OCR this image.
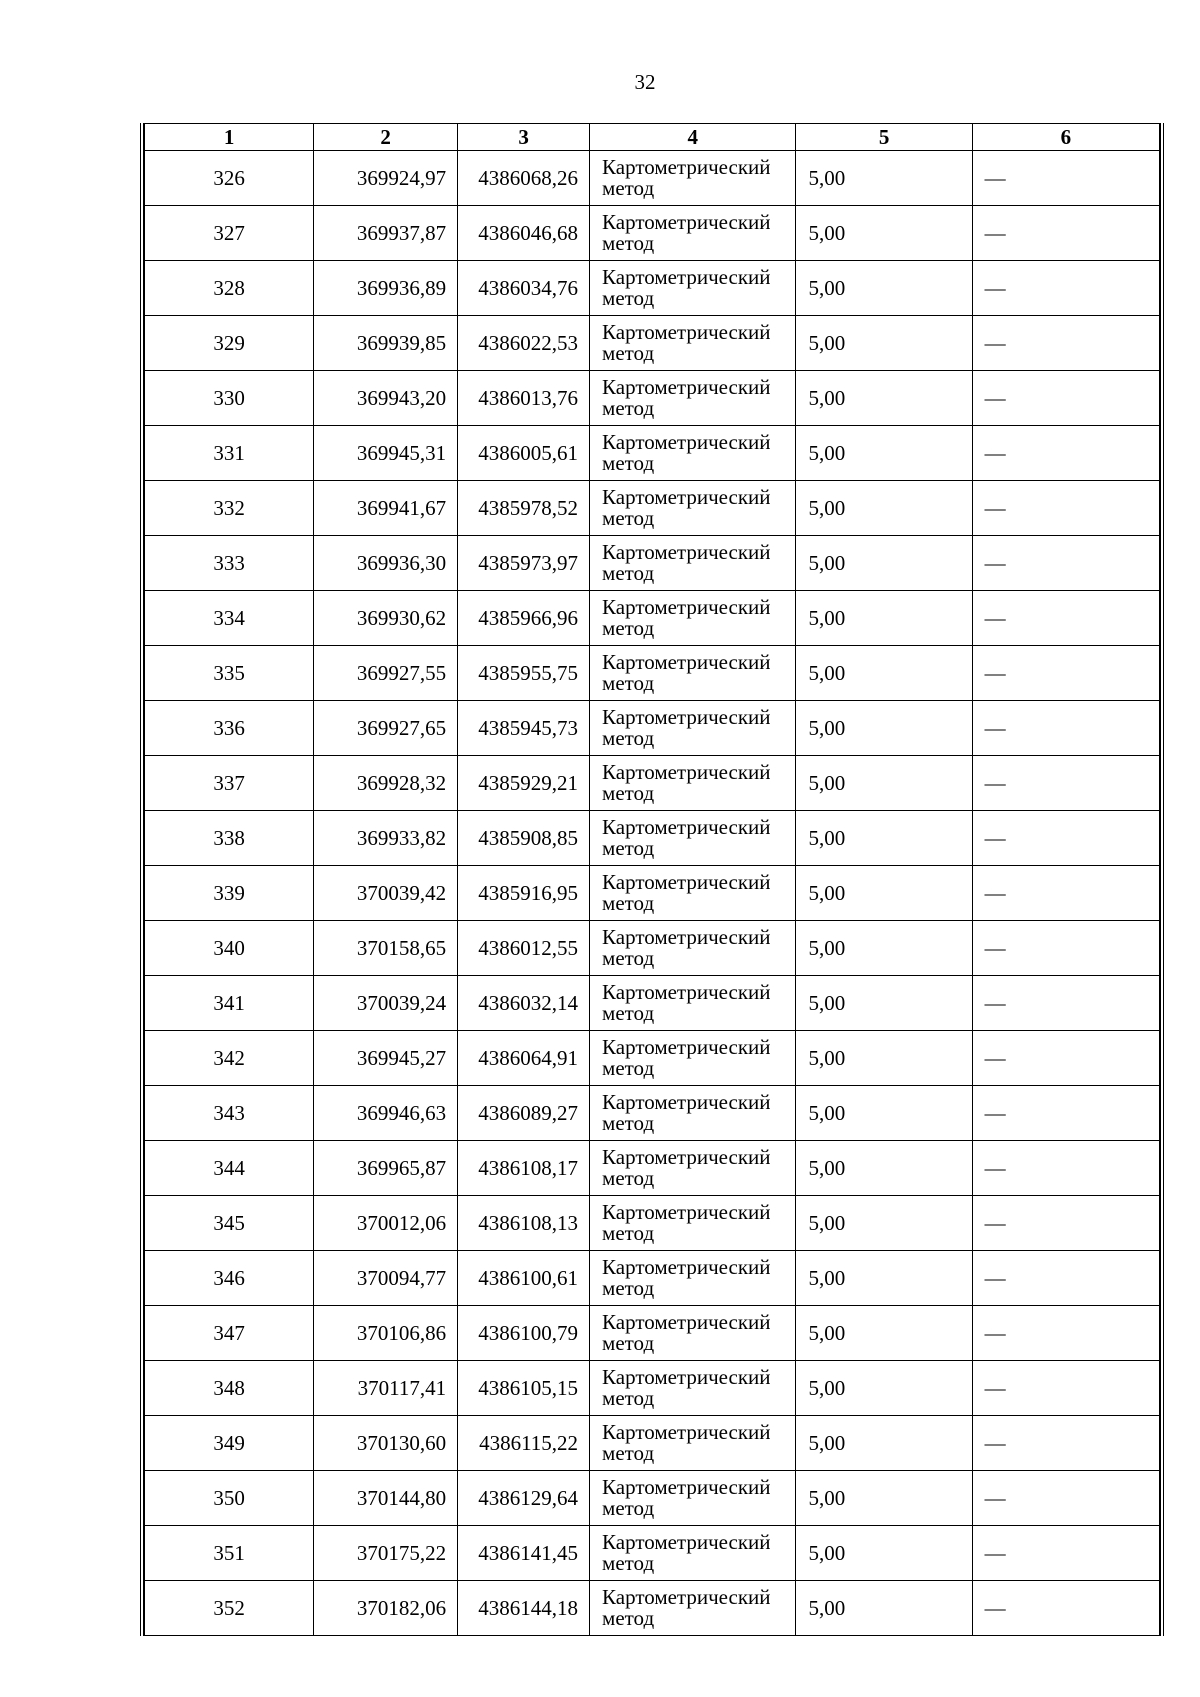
32
1	2	3	4	5	6
326	369924,97	4386068,26	Картометрический метод	5,00	—
327	369937,87	4386046,68	Картометрический метод	5,00	—
328	369936,89	4386034,76	Картометрический метод	5,00	—
329	369939,85	4386022,53	Картометрический метод	5,00	—
330	369943,20	4386013,76	Картометрический метод	5,00	—
331	369945,31	4386005,61	Картометрический метод	5,00	—
332	369941,67	4385978,52	Картометрический метод	5,00	—
333	369936,30	4385973,97	Картометрический метод	5,00	—
334	369930,62	4385966,96	Картометрический метод	5,00	—
335	369927,55	4385955,75	Картометрический метод	5,00	—
336	369927,65	4385945,73	Картометрический метод	5,00	—
337	369928,32	4385929,21	Картометрический метод	5,00	—
338	369933,82	4385908,85	Картометрический метод	5,00	—
339	370039,42	4385916,95	Картометрический метод	5,00	—
340	370158,65	4386012,55	Картометрический метод	5,00	—
341	370039,24	4386032,14	Картометрический метод	5,00	—
342	369945,27	4386064,91	Картометрический метод	5,00	—
343	369946,63	4386089,27	Картометрический метод	5,00	—
344	369965,87	4386108,17	Картометрический метод	5,00	—
345	370012,06	4386108,13	Картометрический метод	5,00	—
346	370094,77	4386100,61	Картометрический метод	5,00	—
347	370106,86	4386100,79	Картометрический метод	5,00	—
348	370117,41	4386105,15	Картометрический метод	5,00	—
349	370130,60	4386115,22	Картометрический метод	5,00	—
350	370144,80	4386129,64	Картометрический метод	5,00	—
351	370175,22	4386141,45	Картометрический метод	5,00	—
352	370182,06	4386144,18	Картометрический метод	5,00	—
